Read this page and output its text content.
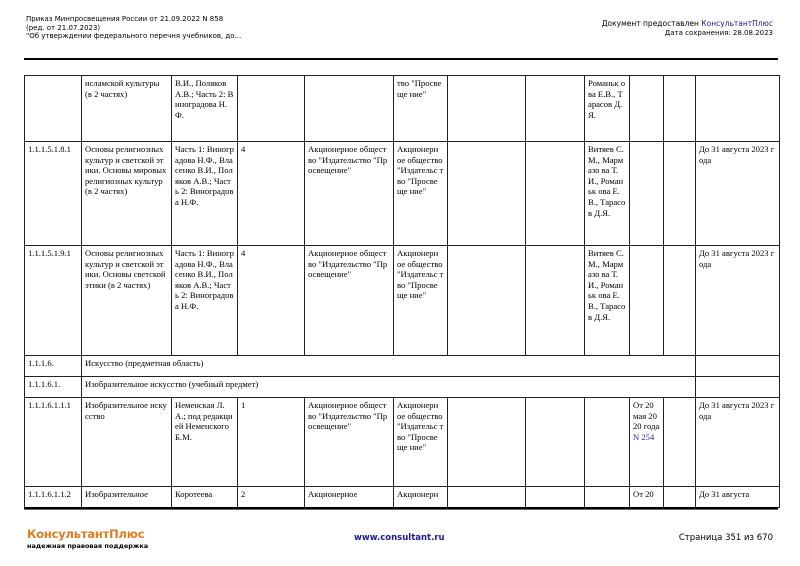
Приказ Минпросвещения России от 21.09.2022 N 858
(ред. от 21.07.2023)
"Об утверждении федерального перечня учебников, до...
Документ предоставлен КонсультантПлюс
Дата сохранения: 28.08.2023
	исламской культуры (в 2 частях)	В.И., Поляков А.В.; Часть 2: Виноградова Н.Ф.			тво "Просвеще ние"			Романьк ова Е.В., Тарасов Д.Я.			
1.1.1.5.1.8.1	Основы религиозных культур и светской этики. Основы мировых религиозных культур (в 2 частях)	Часть 1: Виноградова Н.Ф., Власенко В.И., Поляков А.В.; Часть 2: Виноградова Н.Ф.	4	Акционерное общество "Издательство "Просвещение"	Акционерн ое общество "Издательс тво "Просвеще ние"			Витяев С.М., Мармазо ва Т.И., Романьк ова Е.В., Тарасов Д.Я.			До 31 августа 2023 года
1.1.1.5.1.9.1	Основы религиозных культур и светской этики. Основы светской этики (в 2 частях)	Часть 1: Виноградова Н.Ф., Власенко В.И., Поляков А.В.; Часть 2: Виноградова Н.Ф.	4	Акционерное общество "Издательство "Просвещение"	Акционерн ое общество "Издательс тво "Просвеще ние"			Витяев С.М., Мармазо ва Т.И., Романьк ова Е.В., Тарасов Д.Я.			До 31 августа 2023 года
1.1.1.6.	Искусство (предметная область)										
1.1.1.6.1.	Изобразительное искусство (учебный предмет)										
1.1.1.6.1.1.1	Изобразительное искусство	Неменская Л.А.; под редакцией Неменского Б.М.	1	Акционерное общество "Издательство "Просвещение"	Акционерн ое общество "Издательс тво "Просвеще ние"				От 20 мая 2020 года N 254		До 31 августа 2023 года
1.1.1.6.1.1.2	Изобразительное	Коротеева	2	Акционерное	Акционерн				От 20		До 31 августа
КонсультантПлюс
надежная правовая поддержка
www.consultant.ru	Страница 351 из 670
